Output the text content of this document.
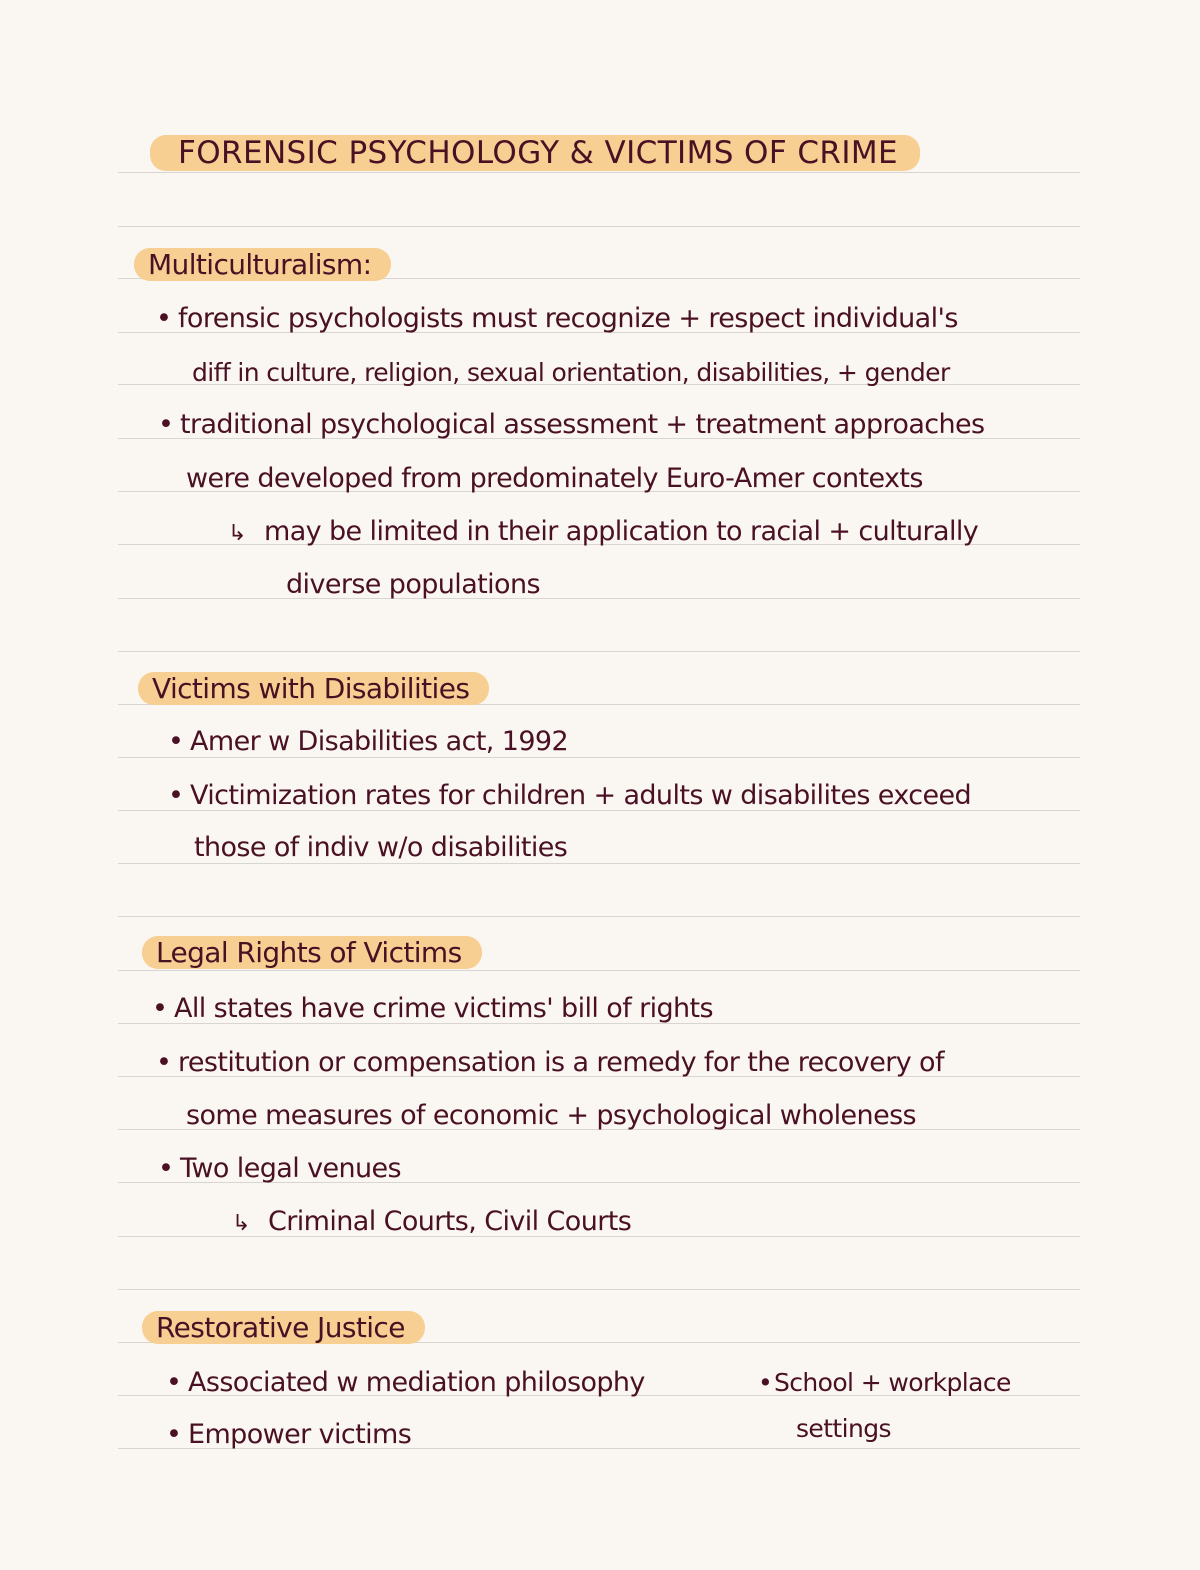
FORENSIC PSYCHOLOGY & VICTIMS OF CRIME
Multiculturalism:
• forensic psychologists must recognize + respect individual's
diff in culture, religion, sexual orientation, disabilities, + gender
• traditional psychological assessment + treatment approaches
were developed from predominately Euro-Amer contexts
↳ may be limited in their application to racial + culturally
diverse populations
Victims with Disabilities
• Amer w Disabilities act, 1992
• Victimization rates for children + adults w disabilites exceed
those of indiv w/o disabilities
Legal Rights of Victims
• All states have crime victims' bill of rights
• restitution or compensation is a remedy for the recovery of
some measures of economic + psychological wholeness
• Two legal venues
↳ Criminal Courts, Civil Courts
Restorative Justice
• Associated w mediation philosophy
• Empower victims
•School + workplace
settings
